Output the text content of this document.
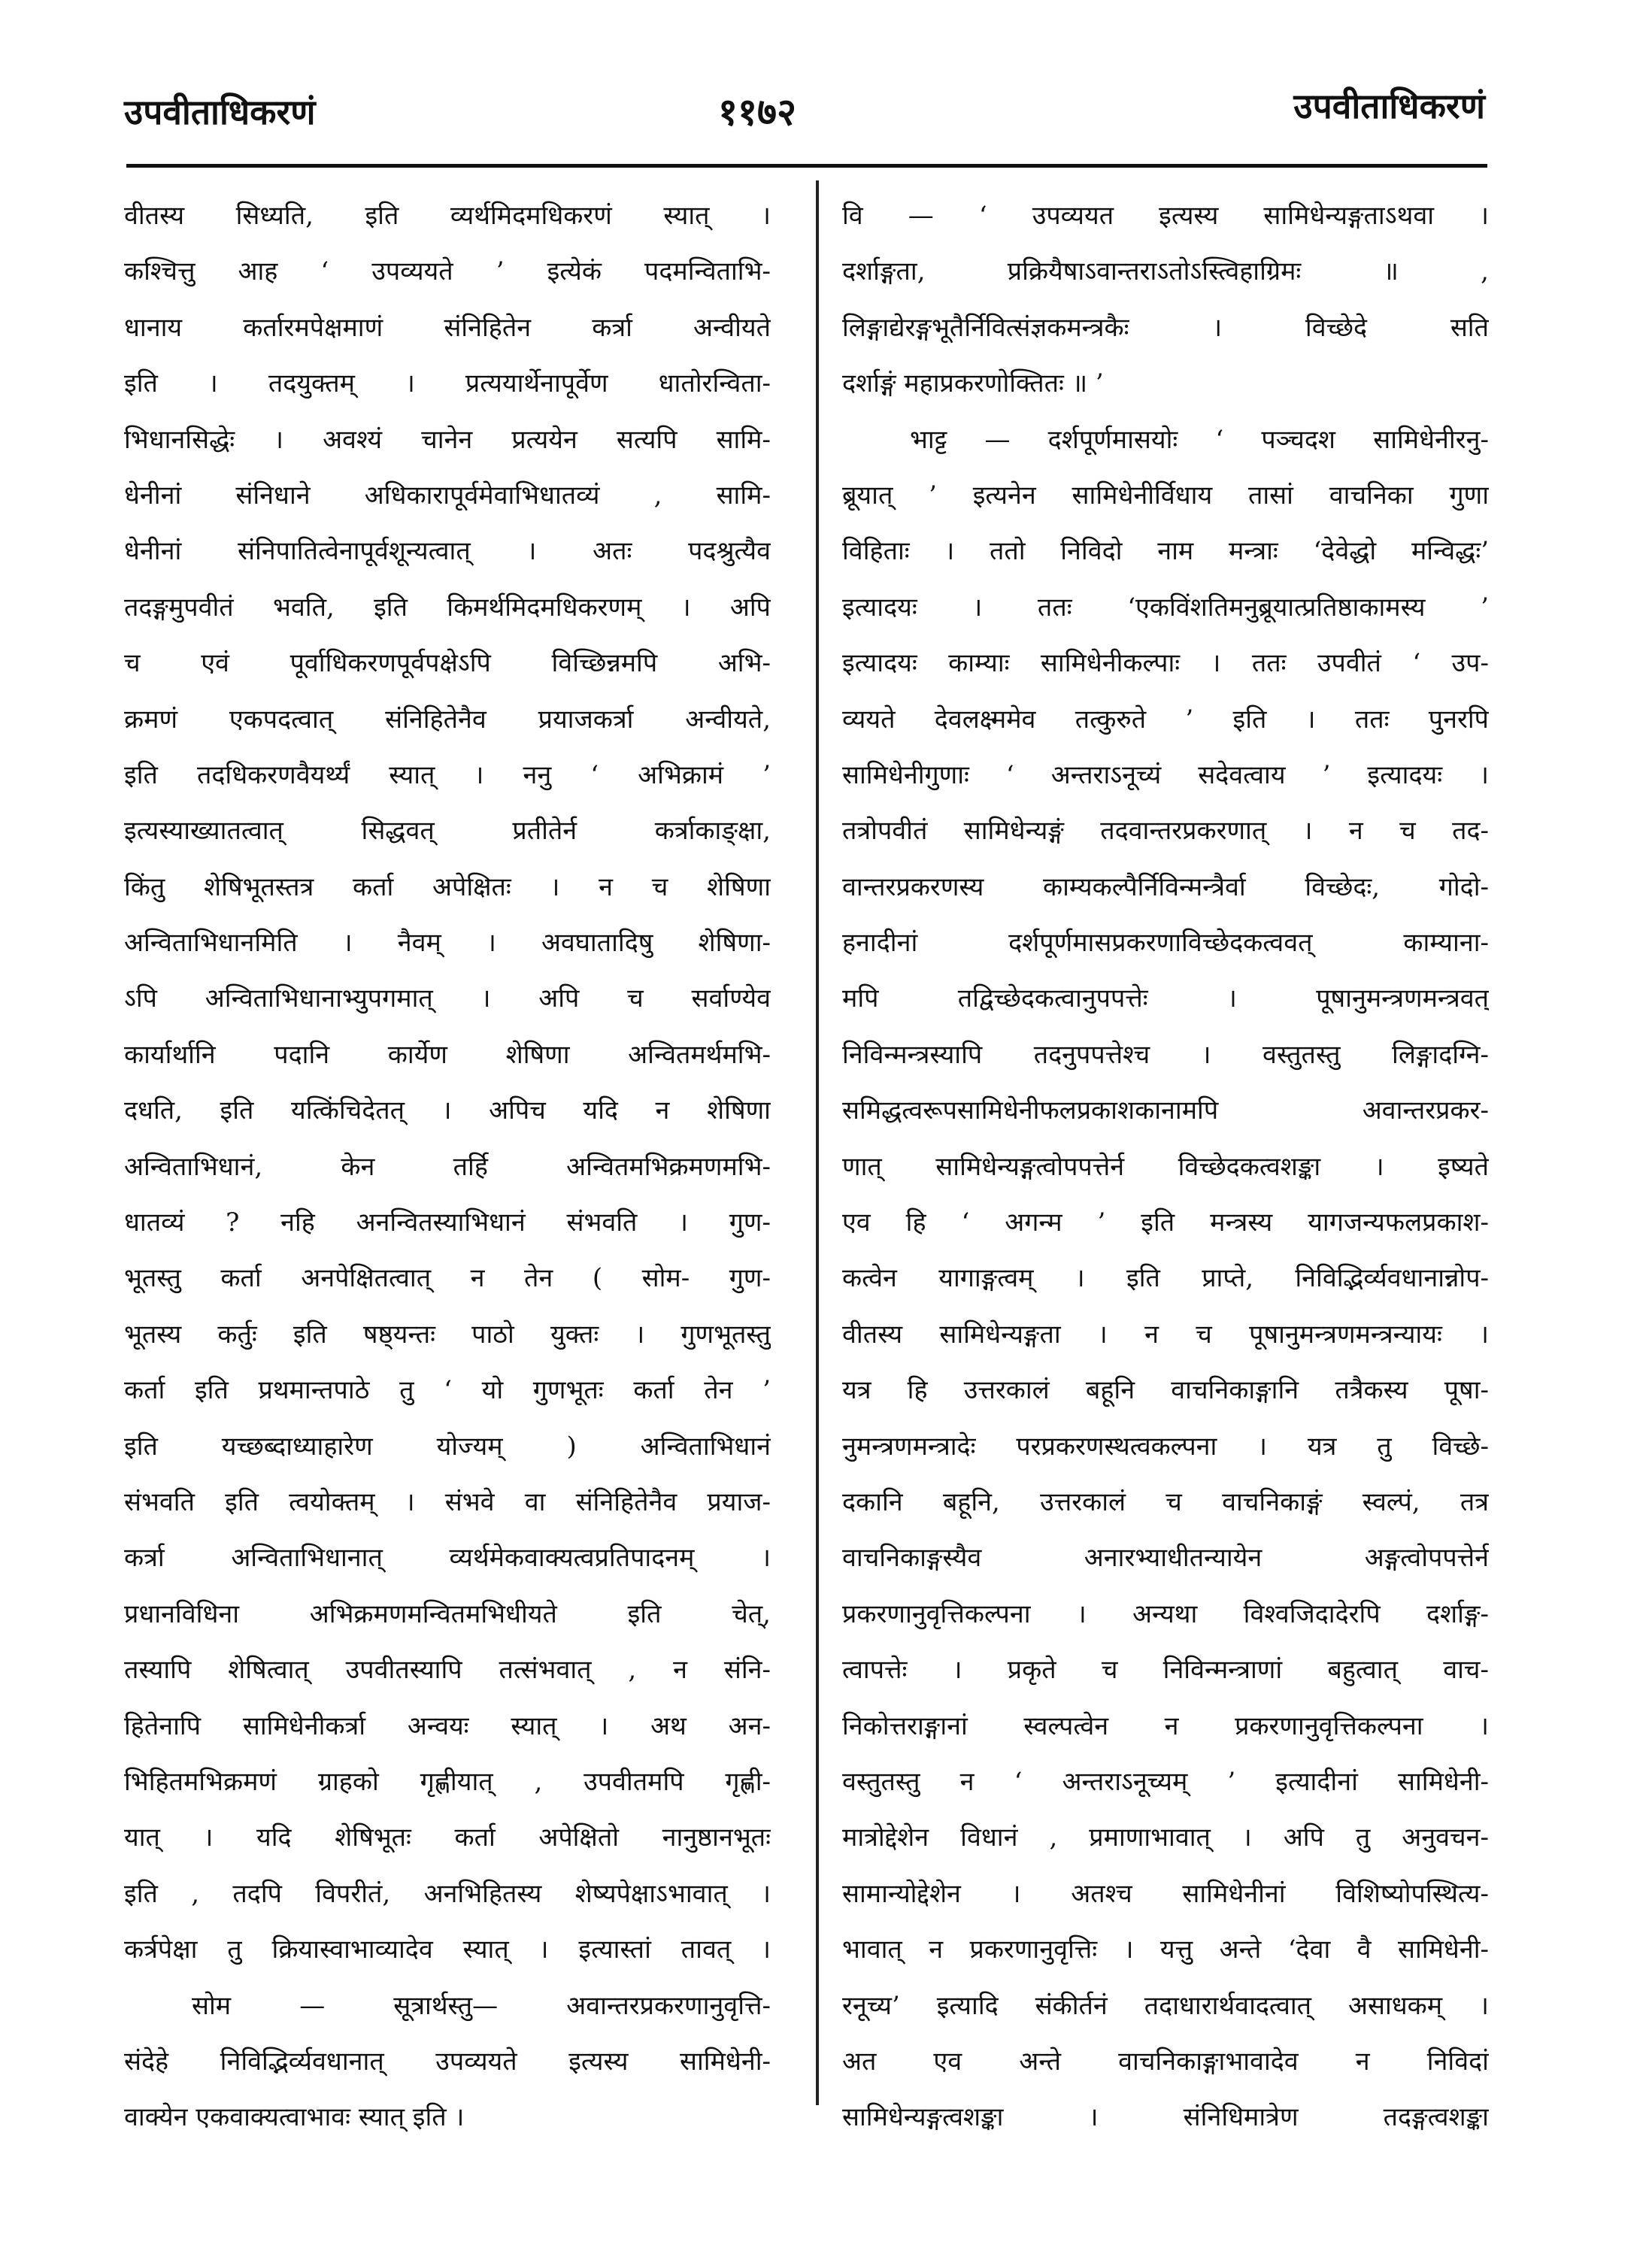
उपवीताधिकरणं	११७२	उपवीताधिकरणं
वीतस्य सिध्यति, इति व्यर्थमिदमधिकरणं स्यात् ।
कश्चित्तु आह ‘ उपव्ययते ’ इत्येकं पदमन्विताभि-
धानाय कर्तारमपेक्षमाणं संनिहितेन कर्त्रा अन्वीयते
इति । तदयुक्तम् । प्रत्ययार्थेनापूर्वेण धातोरन्विता-
भिधानसिद्धेः । अवश्यं चानेन प्रत्ययेन सत्यपि सामि-
धेनीनां संनिधाने अधिकारापूर्वमेवाभिधातव्यं , सामि-
धेनीनां संनिपातित्वेनापूर्वशून्यत्वात् । अतः पदश्रुत्यैव
तदङ्गमुपवीतं भवति, इति किमर्थमिदमधिकरणम् । अपि
च एवं पूर्वाधिकरणपूर्वपक्षेऽपि विच्छिन्नमपि अभि-
क्रमणं एकपदत्वात् संनिहितेनैव प्रयाजकर्त्रा अन्वीयते,
इति तदधिकरणवैयर्थ्यं स्यात् । ननु ‘ अभिक्रामं ’
इत्यस्याख्यातत्वात् सिद्धवत् प्रतीतेर्न कर्त्राकाङ्क्षा,
किंतु शेषिभूतस्तत्र कर्ता अपेक्षितः । न च शेषिणा
अन्विताभिधानमिति । नैवम् । अवघातादिषु शेषिणा-
ऽपि अन्विताभिधानाभ्युपगमात् । अपि च सर्वाण्येव
कार्यार्थानि पदानि कार्येण शेषिणा अन्वितमर्थमभि-
दधति, इति यत्किंचिदेतत् । अपिच यदि न शेषिणा
अन्विताभिधानं, केन तर्हि अन्वितमभिक्रमणमभि-
धातव्यं ? नहि अनन्वितस्याभिधानं संभवति । गुण-
भूतस्तु कर्ता अनपेक्षितत्वात् न तेन ( सोम- गुण-
भूतस्य कर्तुः इति षष्ठ्यन्तः पाठो युक्तः । गुणभूतस्तु
कर्ता इति प्रथमान्तपाठे तु ‘ यो गुणभूतः कर्ता तेन ’
इति यच्छब्दाध्याहारेण योज्यम् ) अन्विताभिधानं
संभवति इति त्वयोक्तम् । संभवे वा संनिहितेनैव प्रयाज-
कर्त्रा अन्विताभिधानात् व्यर्थमेकवाक्यत्वप्रतिपादनम् ।
प्रधानविधिना अभिक्रमणमन्वितमभिधीयते इति चेत्,
तस्यापि शेषित्वात् उपवीतस्यापि तत्संभवात् , न संनि-
हितेनापि सामिधेनीकर्त्रा अन्वयः स्यात् । अथ अन-
भिहितमभिक्रमणं ग्राहको गृह्णीयात् , उपवीतमपि गृह्णी-
यात् । यदि शेषिभूतः कर्ता अपेक्षितो नानुष्ठानभूतः
इति , तदपि विपरीतं, अनभिहितस्य शेष्यपेक्षाऽभावात् ।
कर्त्रपेक्षा तु क्रियास्वाभाव्यादेव स्यात् । इत्यास्तां तावत् ।
सोम — सूत्रार्थस्तु— अवान्तरप्रकरणानुवृत्ति-
संदेहे निविद्भिर्व्यवधानात् उपव्ययते इत्यस्य सामिधेनी-
वाक्येन एकवाक्यत्वाभावः स्यात् इति ।
वि — ‘ उपव्ययत इत्यस्य सामिधेन्यङ्गताऽथवा ।
दर्शाङ्गता, प्रक्रियैषाऽवान्तराऽतोऽस्त्विहाग्रिमः ॥ ,
लिङ्गाद्येरङ्गभूतैर्निवित्संज्ञकमन्त्रकैः । विच्छेदे सति
दर्शाङ्गं महाप्रकरणोक्तितः ॥ ’
भाट्ट — दर्शपूर्णमासयोः ‘ पञ्चदश सामिधेनीरनु-
ब्रूयात् ’ इत्यनेन सामिधेनीर्विधाय तासां वाचनिका गुणा
विहिताः । ततो निविदो नाम मन्त्राः ‘देवेद्धो मन्विद्धः’
इत्यादयः । ततः ‘एकविंशतिमनुब्रूयात्प्रतिष्ठाकामस्य ’
इत्यादयः काम्याः सामिधेनीकल्पाः । ततः उपवीतं ‘ उप-
व्ययते देवलक्ष्ममेव तत्कुरुते ’ इति । ततः पुनरपि
सामिधेनीगुणाः ‘ अन्तराऽनूच्यं सदेवत्वाय ’ इत्यादयः ।
तत्रोपवीतं सामिधेन्यङ्गं तदवान्तरप्रकरणात् । न च तद-
वान्तरप्रकरणस्य काम्यकल्पैर्निविन्मन्त्रैर्वा विच्छेदः, गोदो-
हनादीनां दर्शपूर्णमासप्रकरणाविच्छेदकत्ववत् काम्याना-
मपि तद्विच्छेदकत्वानुपपत्तेः । पूषानुमन्त्रणमन्त्रवत्
निविन्मन्त्रस्यापि तदनुपपत्तेश्च । वस्तुतस्तु लिङ्गादग्नि-
समिद्धत्वरूपसामिधेनीफलप्रकाशकानामपि अवान्तरप्रकर-
णात् सामिधेन्यङ्गत्वोपपत्तेर्न विच्छेदकत्वशङ्का । इष्यते
एव हि ‘ अगन्म ’ इति मन्त्रस्य यागजन्यफलप्रकाश-
कत्वेन यागाङ्गत्वम् । इति प्राप्ते, निविद्भिर्व्यवधानान्नोप-
वीतस्य सामिधेन्यङ्गता । न च पूषानुमन्त्रणमन्त्रन्यायः ।
यत्र हि उत्तरकालं बहूनि वाचनिकाङ्गानि तत्रैकस्य पूषा-
नुमन्त्रणमन्त्रादेः परप्रकरणस्थत्वकल्पना । यत्र तु विच्छे-
दकानि बहूनि, उत्तरकालं च वाचनिकाङ्गं स्वल्पं, तत्र
वाचनिकाङ्गस्यैव अनारभ्याधीतन्यायेन अङ्गत्वोपपत्तेर्न
प्रकरणानुवृत्तिकल्पना । अन्यथा विश्वजिदादेरपि दर्शाङ्ग-
त्वापत्तेः । प्रकृते च निविन्मन्त्राणां बहुत्वात् वाच-
निकोत्तराङ्गानां स्वल्पत्वेन न प्रकरणानुवृत्तिकल्पना ।
वस्तुतस्तु न ‘ अन्तराऽनूच्यम् ’ इत्यादीनां सामिधेनी-
मात्रोद्देशेन विधानं , प्रमाणाभावात् । अपि तु अनुवचन-
सामान्योद्देशेन । अतश्च सामिधेनीनां विशिष्योपस्थित्य-
भावात् न प्रकरणानुवृत्तिः । यत्तु अन्ते ‘देवा वै सामिधेनी-
रनूच्य’ इत्यादि संकीर्तनं तदाधारार्थवादत्वात् असाधकम् ।
अत एव अन्ते वाचनिकाङ्गाभावादेव न निविदां
सामिधेन्यङ्गत्वशङ्का । संनिधिमात्रेण तदङ्गत्वशङ्का
